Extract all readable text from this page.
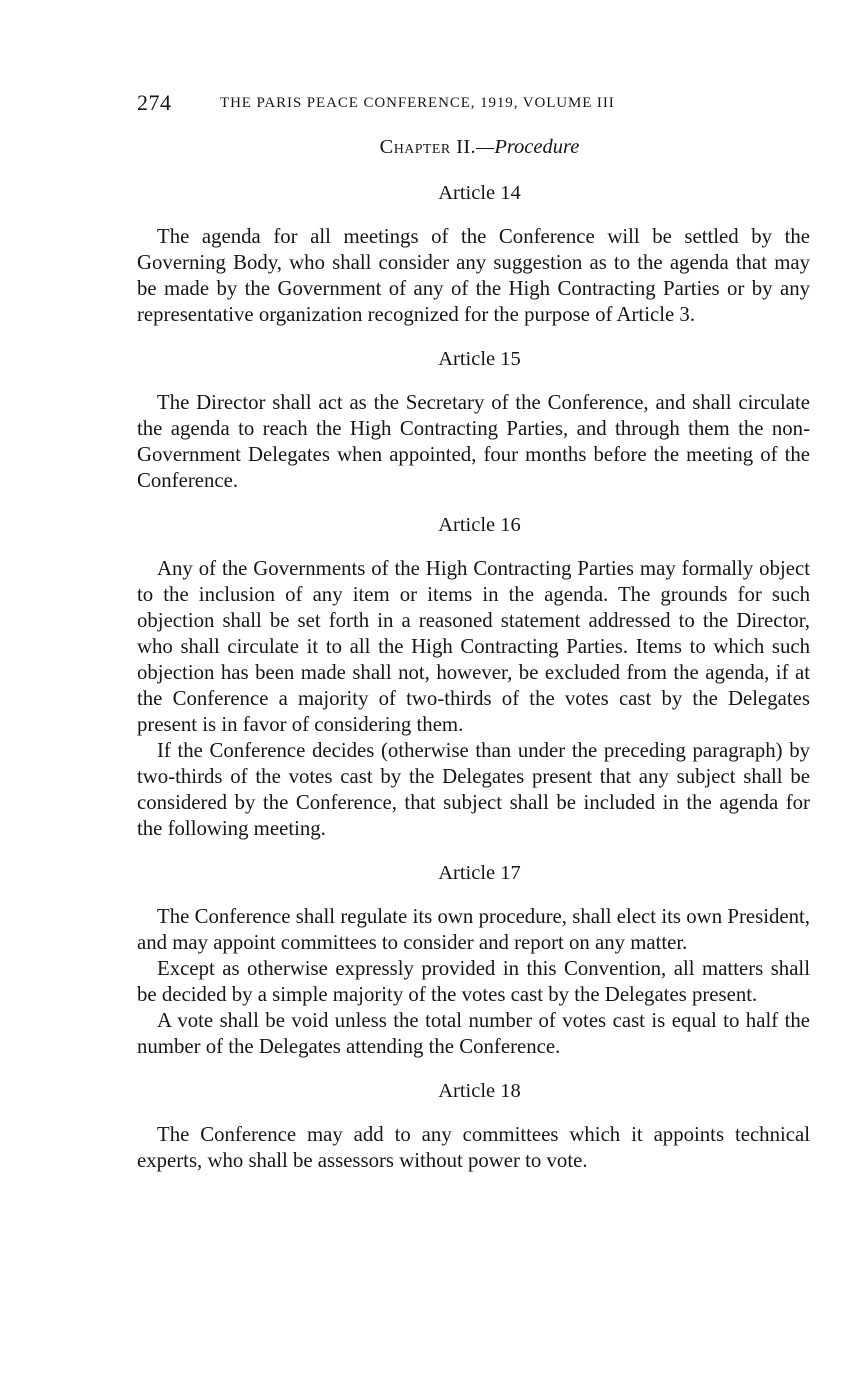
274	THE PARIS PEACE CONFERENCE, 1919, VOLUME III
Chapter II.—Procedure
Article 14

The agenda for all meetings of the Conference will be settled by the Governing Body, who shall consider any suggestion as to the agenda that may be made by the Government of any of the High Contracting Parties or by any representative organization recognized for the purpose of Article 3.

Article 15

The Director shall act as the Secretary of the Conference, and shall circulate the agenda to reach the High Contracting Parties, and through them the non-Government Delegates when appointed, four months before the meeting of the Conference.

Article 16

Any of the Governments of the High Contracting Parties may formally object to the inclusion of any item or items in the agenda. The grounds for such objection shall be set forth in a reasoned statement addressed to the Director, who shall circulate it to all the High Contracting Parties. Items to which such objection has been made shall not, however, be excluded from the agenda, if at the Conference a majority of two-thirds of the votes cast by the Delegates present is in favor of considering them.

If the Conference decides (otherwise than under the preceding paragraph) by two-thirds of the votes cast by the Delegates present that any subject shall be considered by the Conference, that subject shall be included in the agenda for the following meeting.

Article 17

The Conference shall regulate its own procedure, shall elect its own President, and may appoint committees to consider and report on any matter.

Except as otherwise expressly provided in this Convention, all matters shall be decided by a simple majority of the votes cast by the Delegates present.

A vote shall be void unless the total number of votes cast is equal to half the number of the Delegates attending the Conference.

Article 18

The Conference may add to any committees which it appoints technical experts, who shall be assessors without power to vote.
